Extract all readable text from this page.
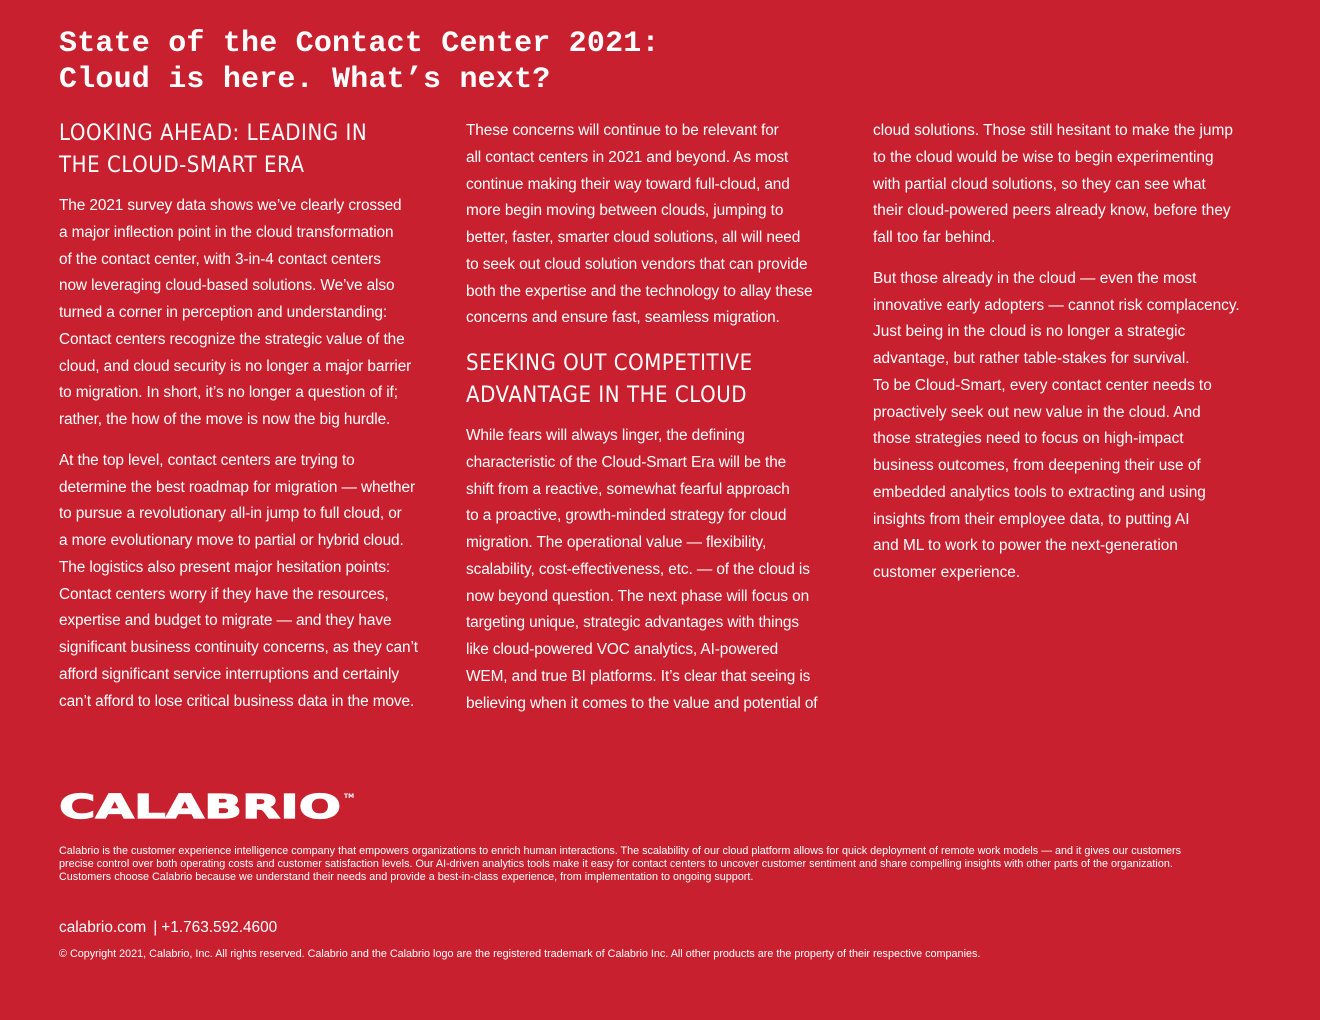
State of the Contact Center 2021:
Cloud is here. What’s next?
LOOKING AHEAD: LEADING IN
THE CLOUD-SMART ERA

The 2021 survey data shows we’ve clearly crossed
a major inflection point in the cloud transformation
of the contact center, with 3-in-4 contact centers
now leveraging cloud-based solutions. We’ve also
turned a corner in perception and understanding:
Contact centers recognize the strategic value of the
cloud, and cloud security is no longer a major barrier
to migration. In short, it’s no longer a question of if;
rather, the how of the move is now the big hurdle.

At the top level, contact centers are trying to
determine the best roadmap for migration — whether
to pursue a revolutionary all-in jump to full cloud, or
a more evolutionary move to partial or hybrid cloud.
The logistics also present major hesitation points:
Contact centers worry if they have the resources,
expertise and budget to migrate — and they have
significant business continuity concerns, as they can’t
afford significant service interruptions and certainly
can’t afford to lose critical business data in the move.

These concerns will continue to be relevant for
all contact centers in 2021 and beyond. As most
continue making their way toward full-cloud, and
more begin moving between clouds, jumping to
better, faster, smarter cloud solutions, all will need
to seek out cloud solution vendors that can provide
both the expertise and the technology to allay these
concerns and ensure fast, seamless migration.

SEEKING OUT COMPETITIVE
ADVANTAGE IN THE CLOUD

While fears will always linger, the defining
characteristic of the Cloud-Smart Era will be the
shift from a reactive, somewhat fearful approach
to a proactive, growth-minded strategy for cloud
migration. The operational value — flexibility,
scalability, cost-effectiveness, etc. — of the cloud is
now beyond question. The next phase will focus on
targeting unique, strategic advantages with things
like cloud-powered VOC analytics, AI-powered
WEM, and true BI platforms. It’s clear that seeing is
believing when it comes to the value and potential of

cloud solutions. Those still hesitant to make the jump
to the cloud would be wise to begin experimenting
with partial cloud solutions, so they can see what
their cloud-powered peers already know, before they
fall too far behind.

But those already in the cloud — even the most
innovative early adopters — cannot risk complacency.
Just being in the cloud is no longer a strategic
advantage, but rather table-stakes for survival.
To be Cloud-Smart, every contact center needs to
proactively seek out new value in the cloud. And
those strategies need to focus on high-impact
business outcomes, from deepening their use of
embedded analytics tools to extracting and using
insights from their employee data, to putting AI
and ML to work to power the next-generation
customer experience.

CALABRIO TM

Calabrio is the customer experience intelligence company that empowers organizations to enrich human interactions. The scalability of our cloud platform allows for quick deployment of remote work models — and it gives our customers
precise control over both operating costs and customer satisfaction levels. Our AI-driven analytics tools make it easy for contact centers to uncover customer sentiment and share compelling insights with other parts of the organization.
Customers choose Calabrio because we understand their needs and provide a best-in-class experience, from implementation to ongoing support.

calabrio.com | +1.763.592.4600
© Copyright 2021, Calabrio, Inc. All rights reserved. Calabrio and the Calabrio logo are the registered trademark of Calabrio Inc. All other products are the property of their respective companies.
